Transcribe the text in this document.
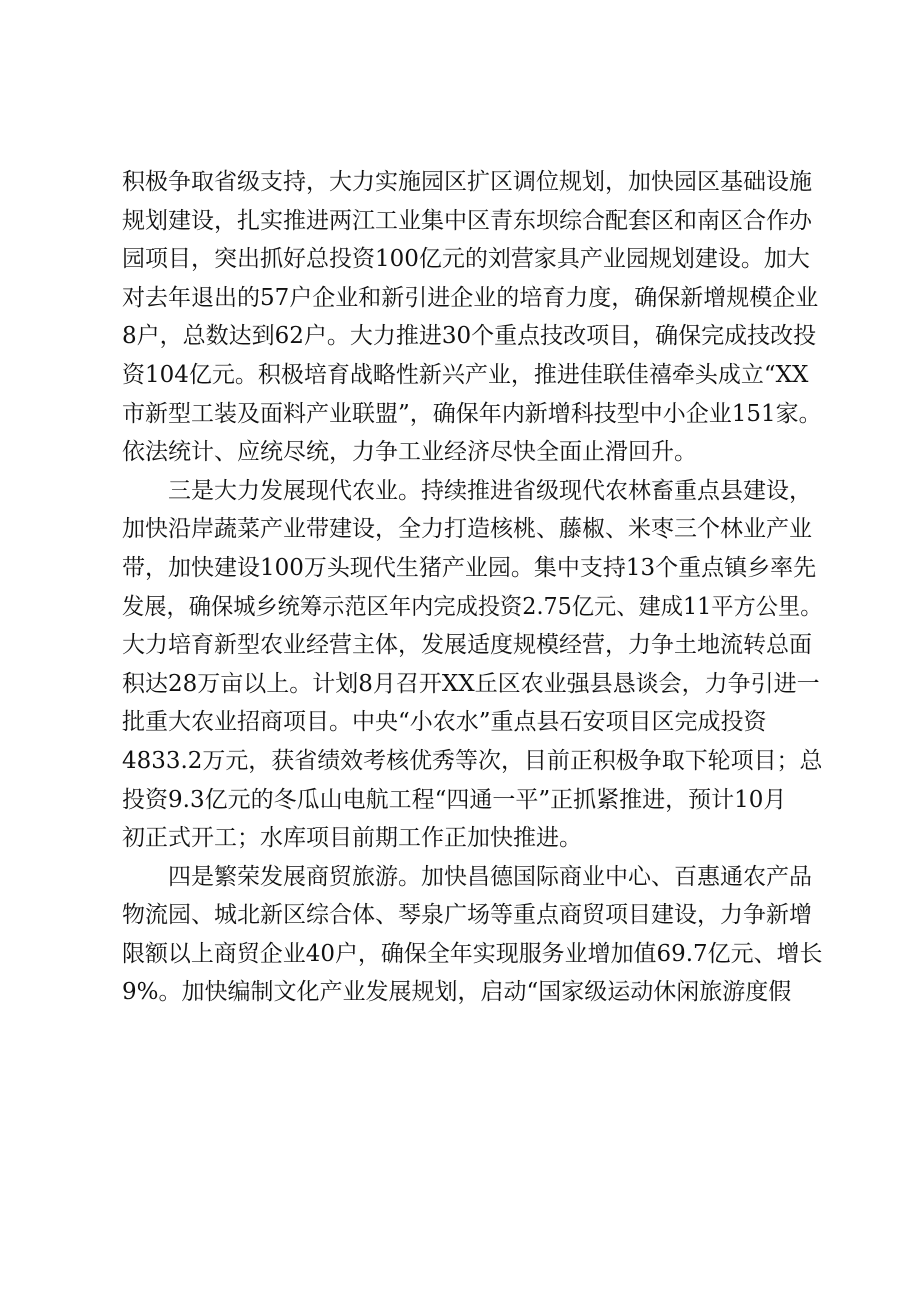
积极争取省级支持，大力实施园区扩区调位规划，加快园区基础设施
规划建设，扎实推进两江工业集中区青东坝综合配套区和南区合作办
园项目，突出抓好总投资100亿元的刘营家具产业园规划建设。加大
对去年退出的57户企业和新引进企业的培育力度，确保新增规模企业
8户，总数达到62户。大力推进30个重点技改项目，确保完成技改投
资104亿元。积极培育战略性新兴产业，推进佳联佳禧牵头成立“XX
市新型工装及面料产业联盟”，确保年内新增科技型中小企业151家。
依法统计、应统尽统，力争工业经济尽快全面止滑回升。
三是大力发展现代农业。持续推进省级现代农林畜重点县建设，
加快沿岸蔬菜产业带建设，全力打造核桃、藤椒、米枣三个林业产业
带，加快建设100万头现代生猪产业园。集中支持13个重点镇乡率先
发展，确保城乡统筹示范区年内完成投资2.75亿元、建成11平方公里。
大力培育新型农业经营主体，发展适度规模经营，力争土地流转总面
积达28万亩以上。计划8月召开XX丘区农业强县恳谈会，力争引进一
批重大农业招商项目。中央“小农水”重点县石安项目区完成投资
4833.2万元，获省绩效考核优秀等次，目前正积极争取下轮项目；总
投资9.3亿元的冬瓜山电航工程“四通一平”正抓紧推进，预计10月
初正式开工；水库项目前期工作正加快推进。
四是繁荣发展商贸旅游。加快昌德国际商业中心、百惠通农产品
物流园、城北新区综合体、琴泉广场等重点商贸项目建设，力争新增
限额以上商贸企业40户，确保全年实现服务业增加值69.7亿元、增长
9%。加快编制文化产业发展规划，启动“国家级运动休闲旅游度假
